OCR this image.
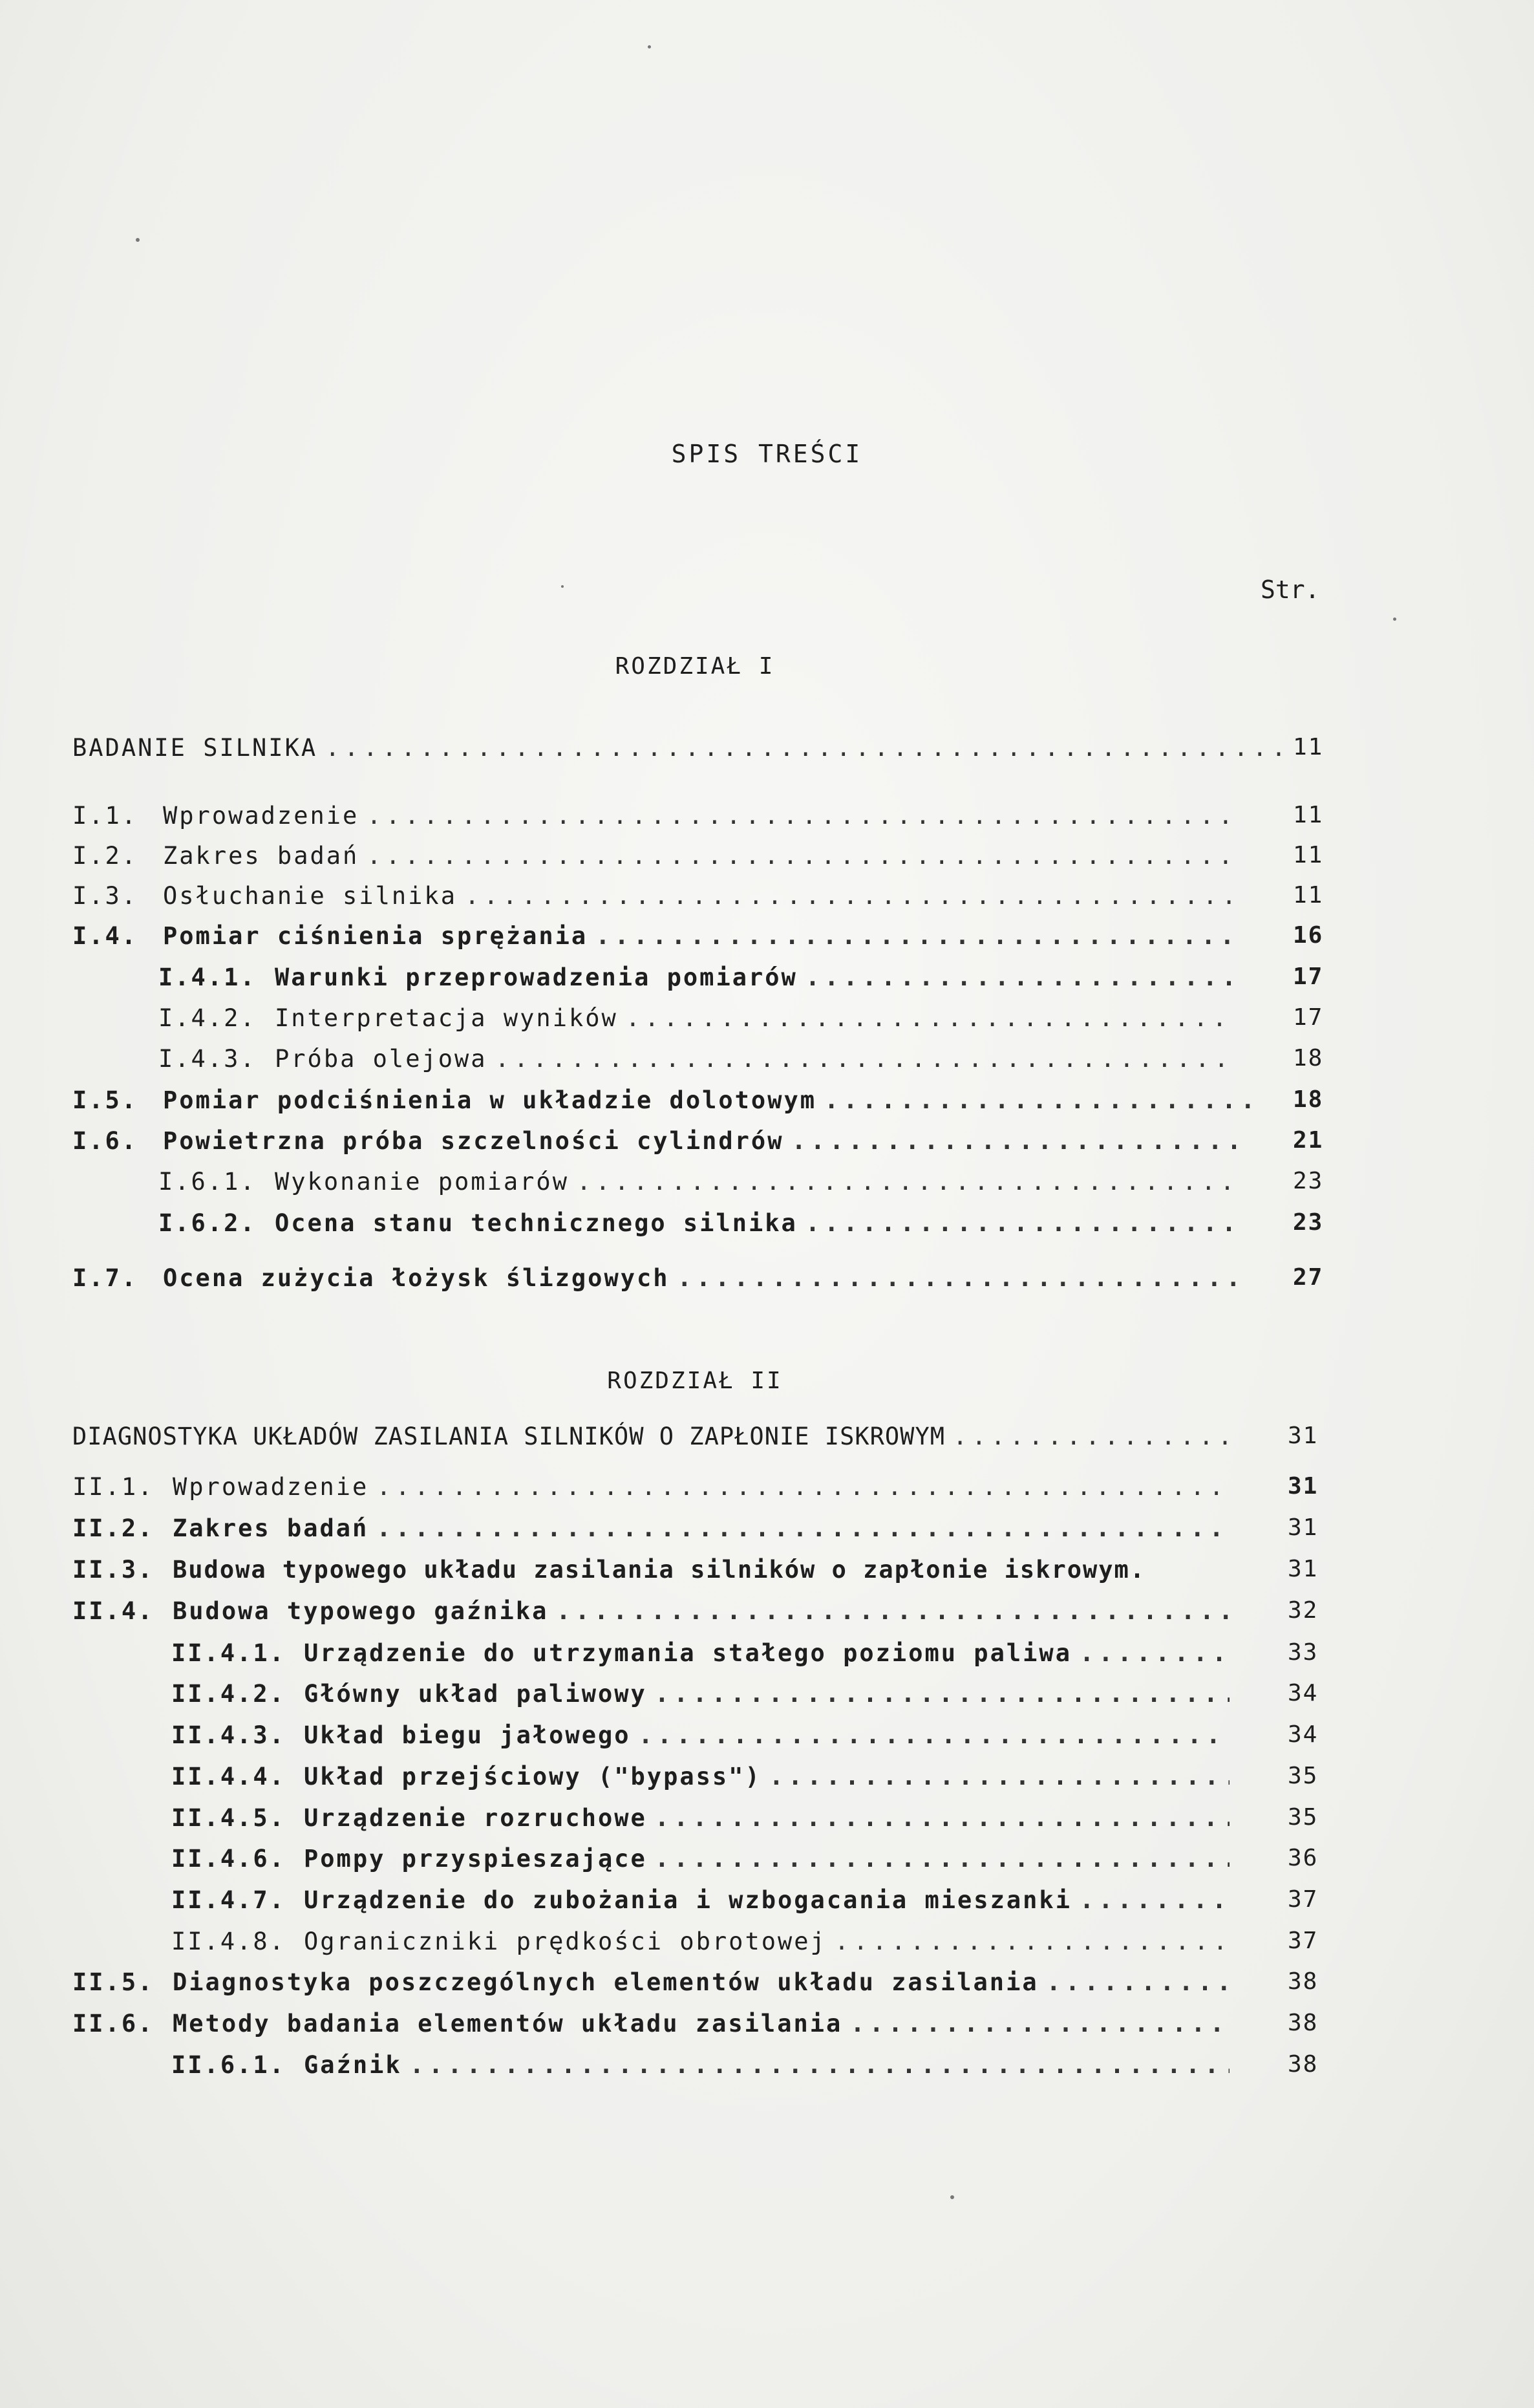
SPIS TREŚCI
Str.
ROZDZIAŁ I
BADANIE SILNIKA .....	11
I.1.	Wprowadzenie .....	11
I.2.	Zakres badań .....	11
I.3.	Osłuchanie silnika .....	11
I.4.	Pomiar ciśnienia sprężania .....	16
I.4.1. Warunki przeprowadzenia pomiarów .....	17
I.4.2. Interpretacja wyników .....	17
I.4.3. Próba olejowa .....	18
I.5.	Pomiar podciśnienia w układzie dolotowym .....	18
I.6.	Powietrzna próba szczelności cylindrów .....	21
I.6.1. Wykonanie pomiarów .....	23
I.6.2. Ocena stanu technicznego silnika .....	23
I.7.	Ocena zużycia łożysk ślizgowych .....	27
ROZDZIAŁ II
DIAGNOSTYKA UKŁADÓW ZASILANIA SILNIKÓW O ZAPŁONIE ISKROWYM .....	31
II.1. Wprowadzenie .....	31
II.2. Zakres badań .....	31
II.3. Budowa typowego układu zasilania silników o zapłonie iskrowym.	31
II.4. Budowa typowego gaźnika .....	32
II.4.1. Urządzenie do utrzymania stałego poziomu paliwa .....	33
II.4.2. Główny układ paliwowy .....	34
II.4.3. Układ biegu jałowego .....	34
II.4.4. Układ przejściowy ("bypass") .....	35
II.4.5. Urządzenie rozruchowe .....	35
II.4.6. Pompy przyspieszające .....	36
II.4.7. Urządzenie do zubożania i wzbogacania mieszanki .....	37
II.4.8. Ograniczniki prędkości obrotowej .....	37
II.5. Diagnostyka poszczególnych elementów układu zasilania .....	38
II.6. Metody badania elementów układu zasilania .....	38
II.6.1. Gaźnik .....	38
